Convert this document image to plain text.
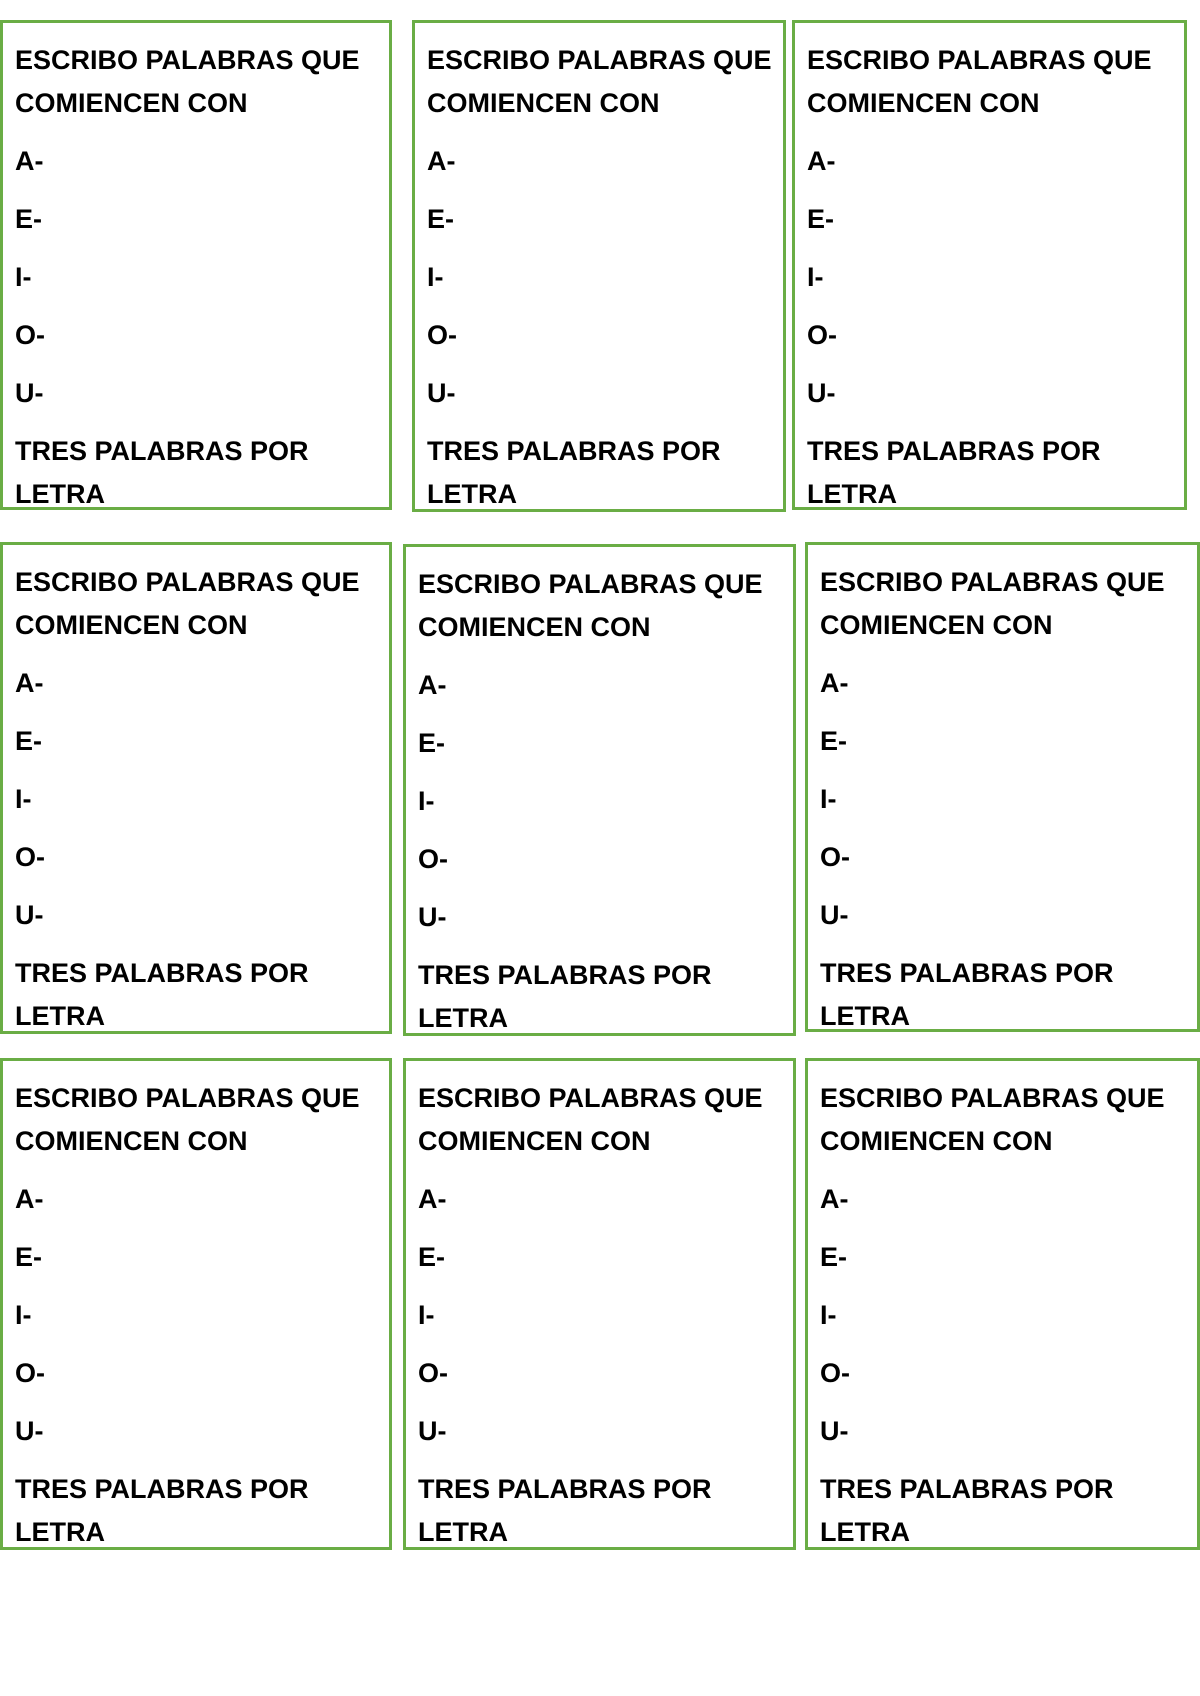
ESCRIBO PALABRAS QUE
COMIENCEN CON
A-
E-
I-
O-
U-
TRES PALABRAS POR
LETRA
ESCRIBO PALABRAS QUE
COMIENCEN CON
A-
E-
I-
O-
U-
TRES PALABRAS POR
LETRA
ESCRIBO PALABRAS QUE
COMIENCEN CON
A-
E-
I-
O-
U-
TRES PALABRAS POR
LETRA
ESCRIBO PALABRAS QUE
COMIENCEN CON
A-
E-
I-
O-
U-
TRES PALABRAS POR
LETRA
ESCRIBO PALABRAS QUE
COMIENCEN CON
A-
E-
I-
O-
U-
TRES PALABRAS POR
LETRA
ESCRIBO PALABRAS QUE
COMIENCEN CON
A-
E-
I-
O-
U-
TRES PALABRAS POR
LETRA
ESCRIBO PALABRAS QUE
COMIENCEN CON
A-
E-
I-
O-
U-
TRES PALABRAS POR
LETRA
ESCRIBO PALABRAS QUE
COMIENCEN CON
A-
E-
I-
O-
U-
TRES PALABRAS POR
LETRA
ESCRIBO PALABRAS QUE
COMIENCEN CON
A-
E-
I-
O-
U-
TRES PALABRAS POR
LETRA
